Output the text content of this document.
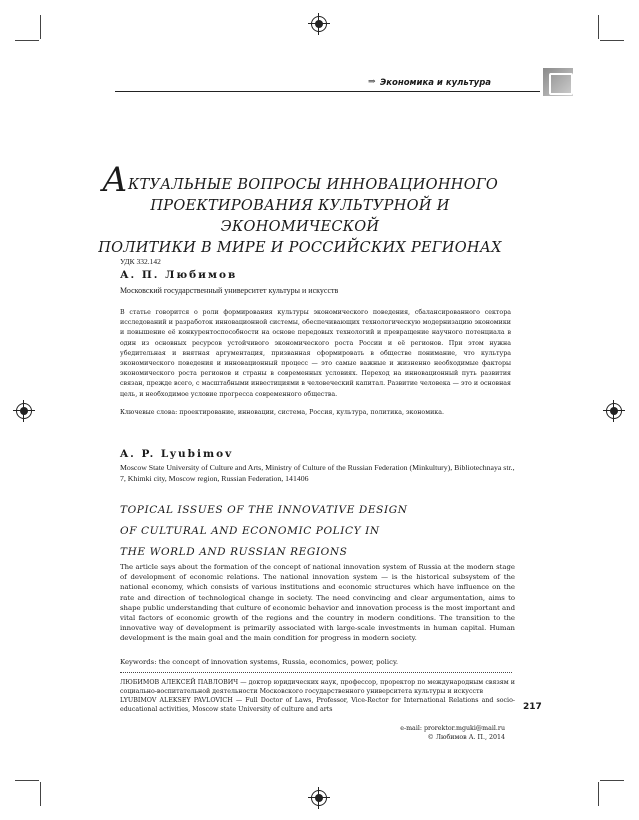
⇒ Экономика и культура
АКТУАЛЬНЫЕ ВОПРОСЫ ИННОВАЦИОННОГО
ПРОЕКТИРОВАНИЯ КУЛЬТУРНОЙ И ЭКОНОМИЧЕСКОЙ
ПОЛИТИКИ В МИРЕ И РОССИЙСКИХ РЕГИОНАХ
УДК 332.142
А. П. Любимов
Московский государственный университет культуры и искусств
В статье говорится о роли формирования культуры экономического поведения, сбалансированного сектора исследований и разработок инновационной системы, обеспечивающих технологическую модернизацию экономики и повышение её конкурентоспособности на основе передовых технологий и превращение научного потенциала в один из основных ресурсов устойчивого экономического роста России и её регионов. При этом нужна убедительная и внятная аргументация, призванная сформировать в обществе понимание, что культура экономического поведения и инновационный процесс — это самые важные и жизненно необходимые факторы экономического роста регионов и страны в современных условиях. Переход на инновационный путь развития связан, прежде всего, с масштабными инвестициями в человеческий капитал. Развитие человека — это и основная цель, и необходимое условие прогресса современного общества.
Ключевые слова: проектирование, инновации, система, Россия, культура, политика, экономика.
A. P. Lyubimov
Moscow State University of Culture and Arts, Ministry of Culture of the Russian Federation (Minkultury), Bibliotechnaya str., 7, Khimki city, Moscow region, Russian Federation, 141406
TOPICAL ISSUES OF THE INNOVATIVE DESIGN
OF CULTURAL AND ECONOMIC POLICY IN
THE WORLD AND RUSSIAN REGIONS
The article says about the formation of the concept of national innovation system of Russia at the modern stage of development of economic relations. The national innovation system — is the historical subsystem of the national economy, which consists of various institutions and economic structures which have influence on the rate and direction of technological change in society. The need convincing and clear argumentation, aims to shape public understanding that culture of economic behavior and innovation process is the most important and vital factors of economic growth of the regions and the country in modern conditions. The transition to the innovative way of development is primarily associated with large-scale investments in human capital. Human development is the main goal and the main condition for progress in modern society.
Keywords: the concept of innovation systems, Russia, economics, power, policy.
ЛЮБИМОВ АЛЕКСЕЙ ПАВЛОВИЧ — доктор юридических наук, профессор, проректор по международным связям и социально-воспитательной деятельности Московского государственного университета культуры и искусств
LYUBIMOV ALEKSEY PAVLOVICH — Full Doctor of Laws, Professor, Vice-Rector for International Relations and socio-educational activities, Moscow state University of culture and arts
e-mail: prorektor.mguki@mail.ru
© Любимов А. П., 2014
217
